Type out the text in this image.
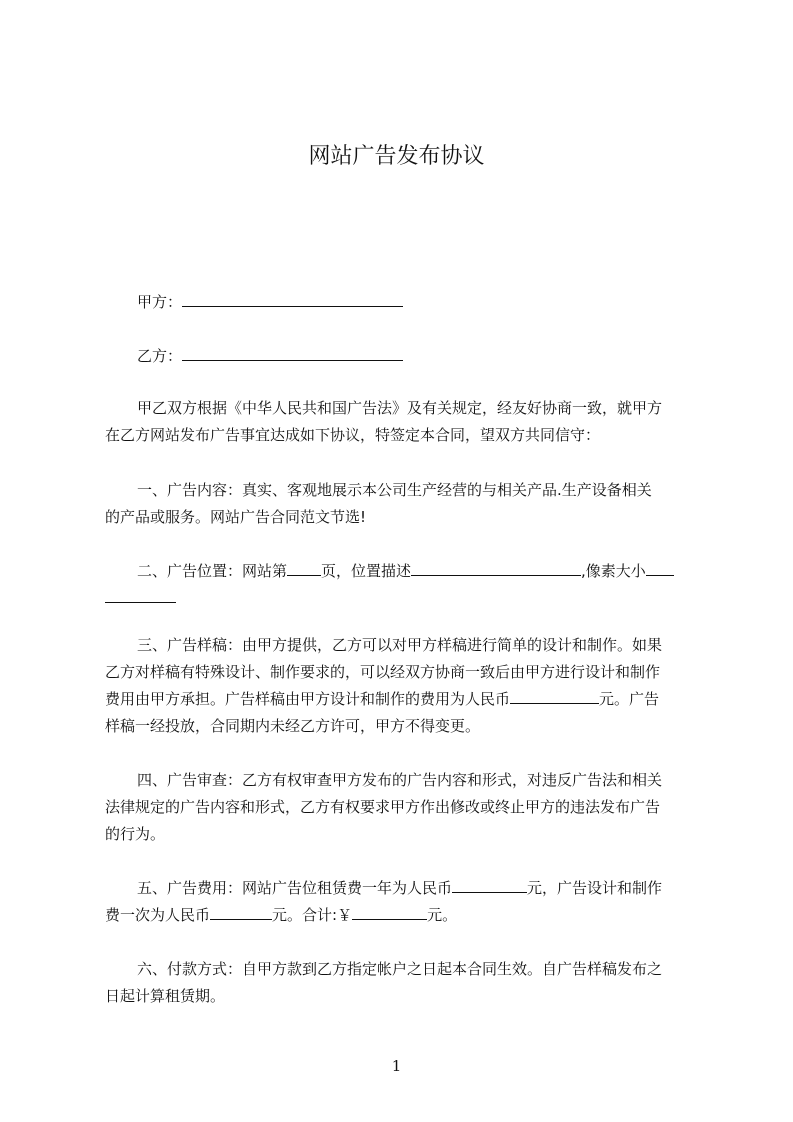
网站广告发布协议
甲方：
乙方：
甲乙双方根据《中华人民共和国广告法》及有关规定，经友好协商一致，就甲方
在乙方网站发布广告事宜达成如下协议，特签定本合同，望双方共同信守：
一、广告内容：真实、客观地展示本公司生产经营的与相关产品.生产设备相关
的产品或服务。网站广告合同范文节选!
二、广告位置：网站第 页，位置描述	,像素大小
三、广告样稿：由甲方提供，乙方可以对甲方样稿进行简单的设计和制作。如果
乙方对样稿有特殊设计、制作要求的，可以经双方协商一致后由甲方进行设计和制作
费用由甲方承担。广告样稿由甲方设计和制作的费用为人民币	元。广告
样稿一经投放，合同期内未经乙方许可，甲方不得变更。
四、广告审查：乙方有权审查甲方发布的广告内容和形式，对违反广告法和相关
法律规定的广告内容和形式，乙方有权要求甲方作出修改或终止甲方的违法发布广告
的行为。
五、广告费用：网站广告位租赁费一年为人民币	元，广告设计和制作
费一次为人民币	元。合计:￥	元。
六、付款方式：自甲方款到乙方指定帐户之日起本合同生效。自广告样稿发布之
日起计算租赁期。
1
